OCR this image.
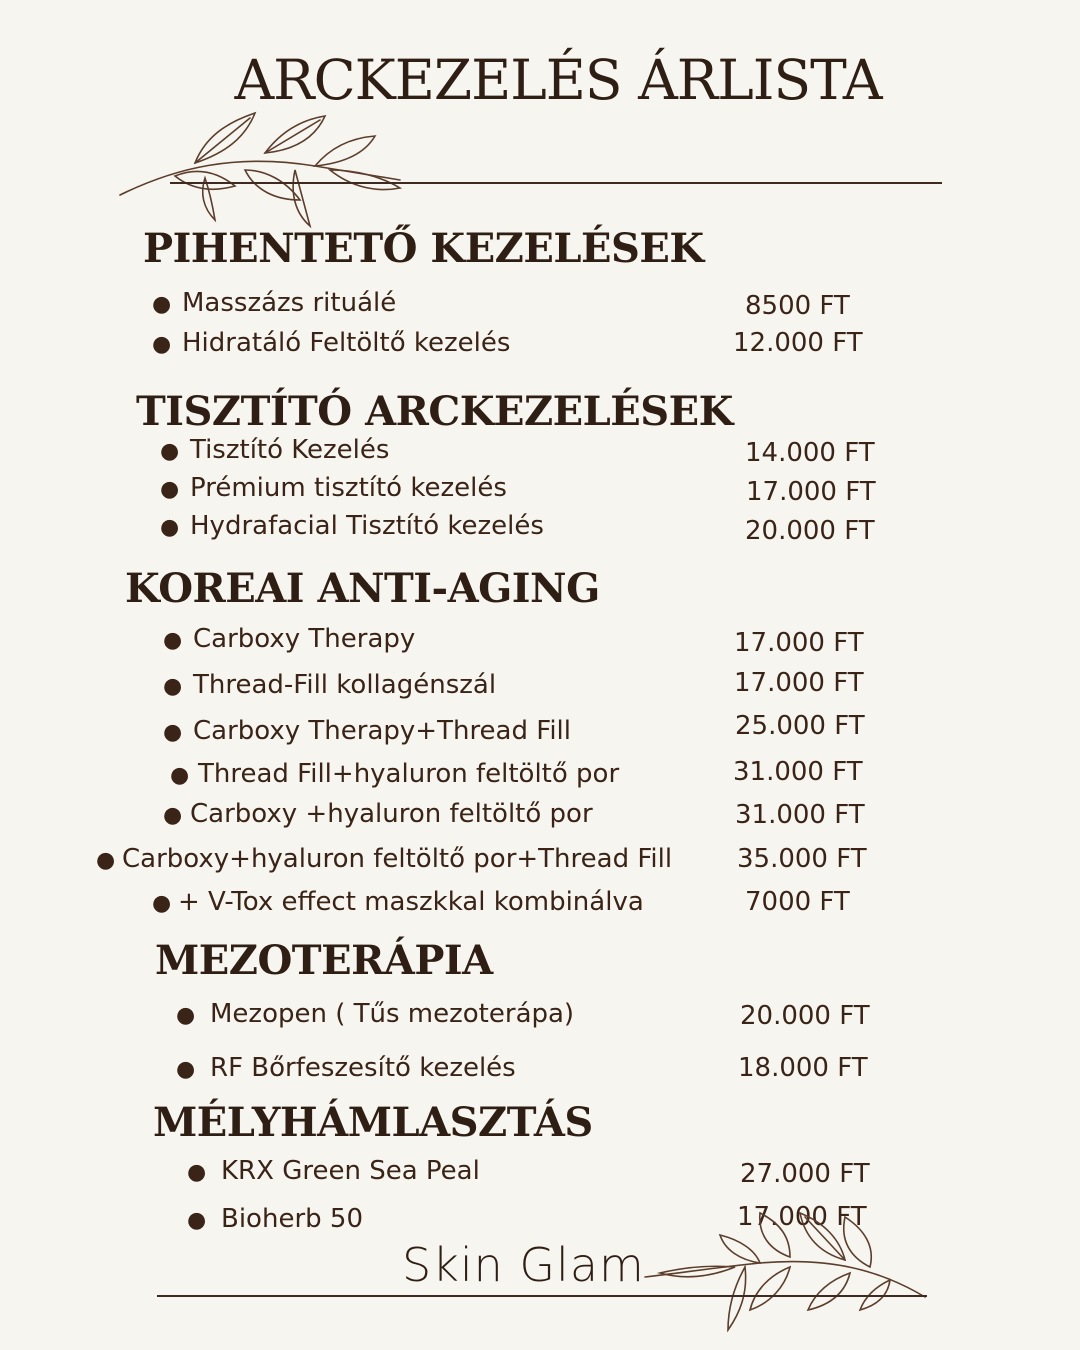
ARCKEZELÉS ÁRLISTA
PIHENTETŐ KEZELÉSEK
● Masszázs rituálé	8500 FT
● Hidratáló Feltöltő kezelés	12.000 FT
TISZTÍTÓ ARCKEZELÉSEK
● Tisztító Kezelés	14.000 FT
● Prémium tisztító kezelés	17.000 FT
● Hydrafacial Tisztító kezelés	20.000 FT
KOREAI ANTI-AGING
● Carboxy Therapy	17.000 FT
● Thread-Fill kollagénszál	17.000 FT
● Carboxy Therapy+Thread Fill	25.000 FT
● Thread Fill+hyaluron feltöltő por	31.000 FT
● Carboxy +hyaluron feltöltő por	31.000 FT
● Carboxy+hyaluron feltöltő por+Thread Fill 35.000 FT
● + V-Tox effect maszkkal kombinálva	7000 FT
MEZOTERÁPIA
● Mezopen ( Tűs mezoterápa)	20.000 FT
● RF Bőrfeszesítő kezelés	18.000 FT
MÉLYHÁMLASZTÁS
● KRX Green Sea Peal	27.000 FT
● Bioherb 50	17.000 FT
Skin Glam
